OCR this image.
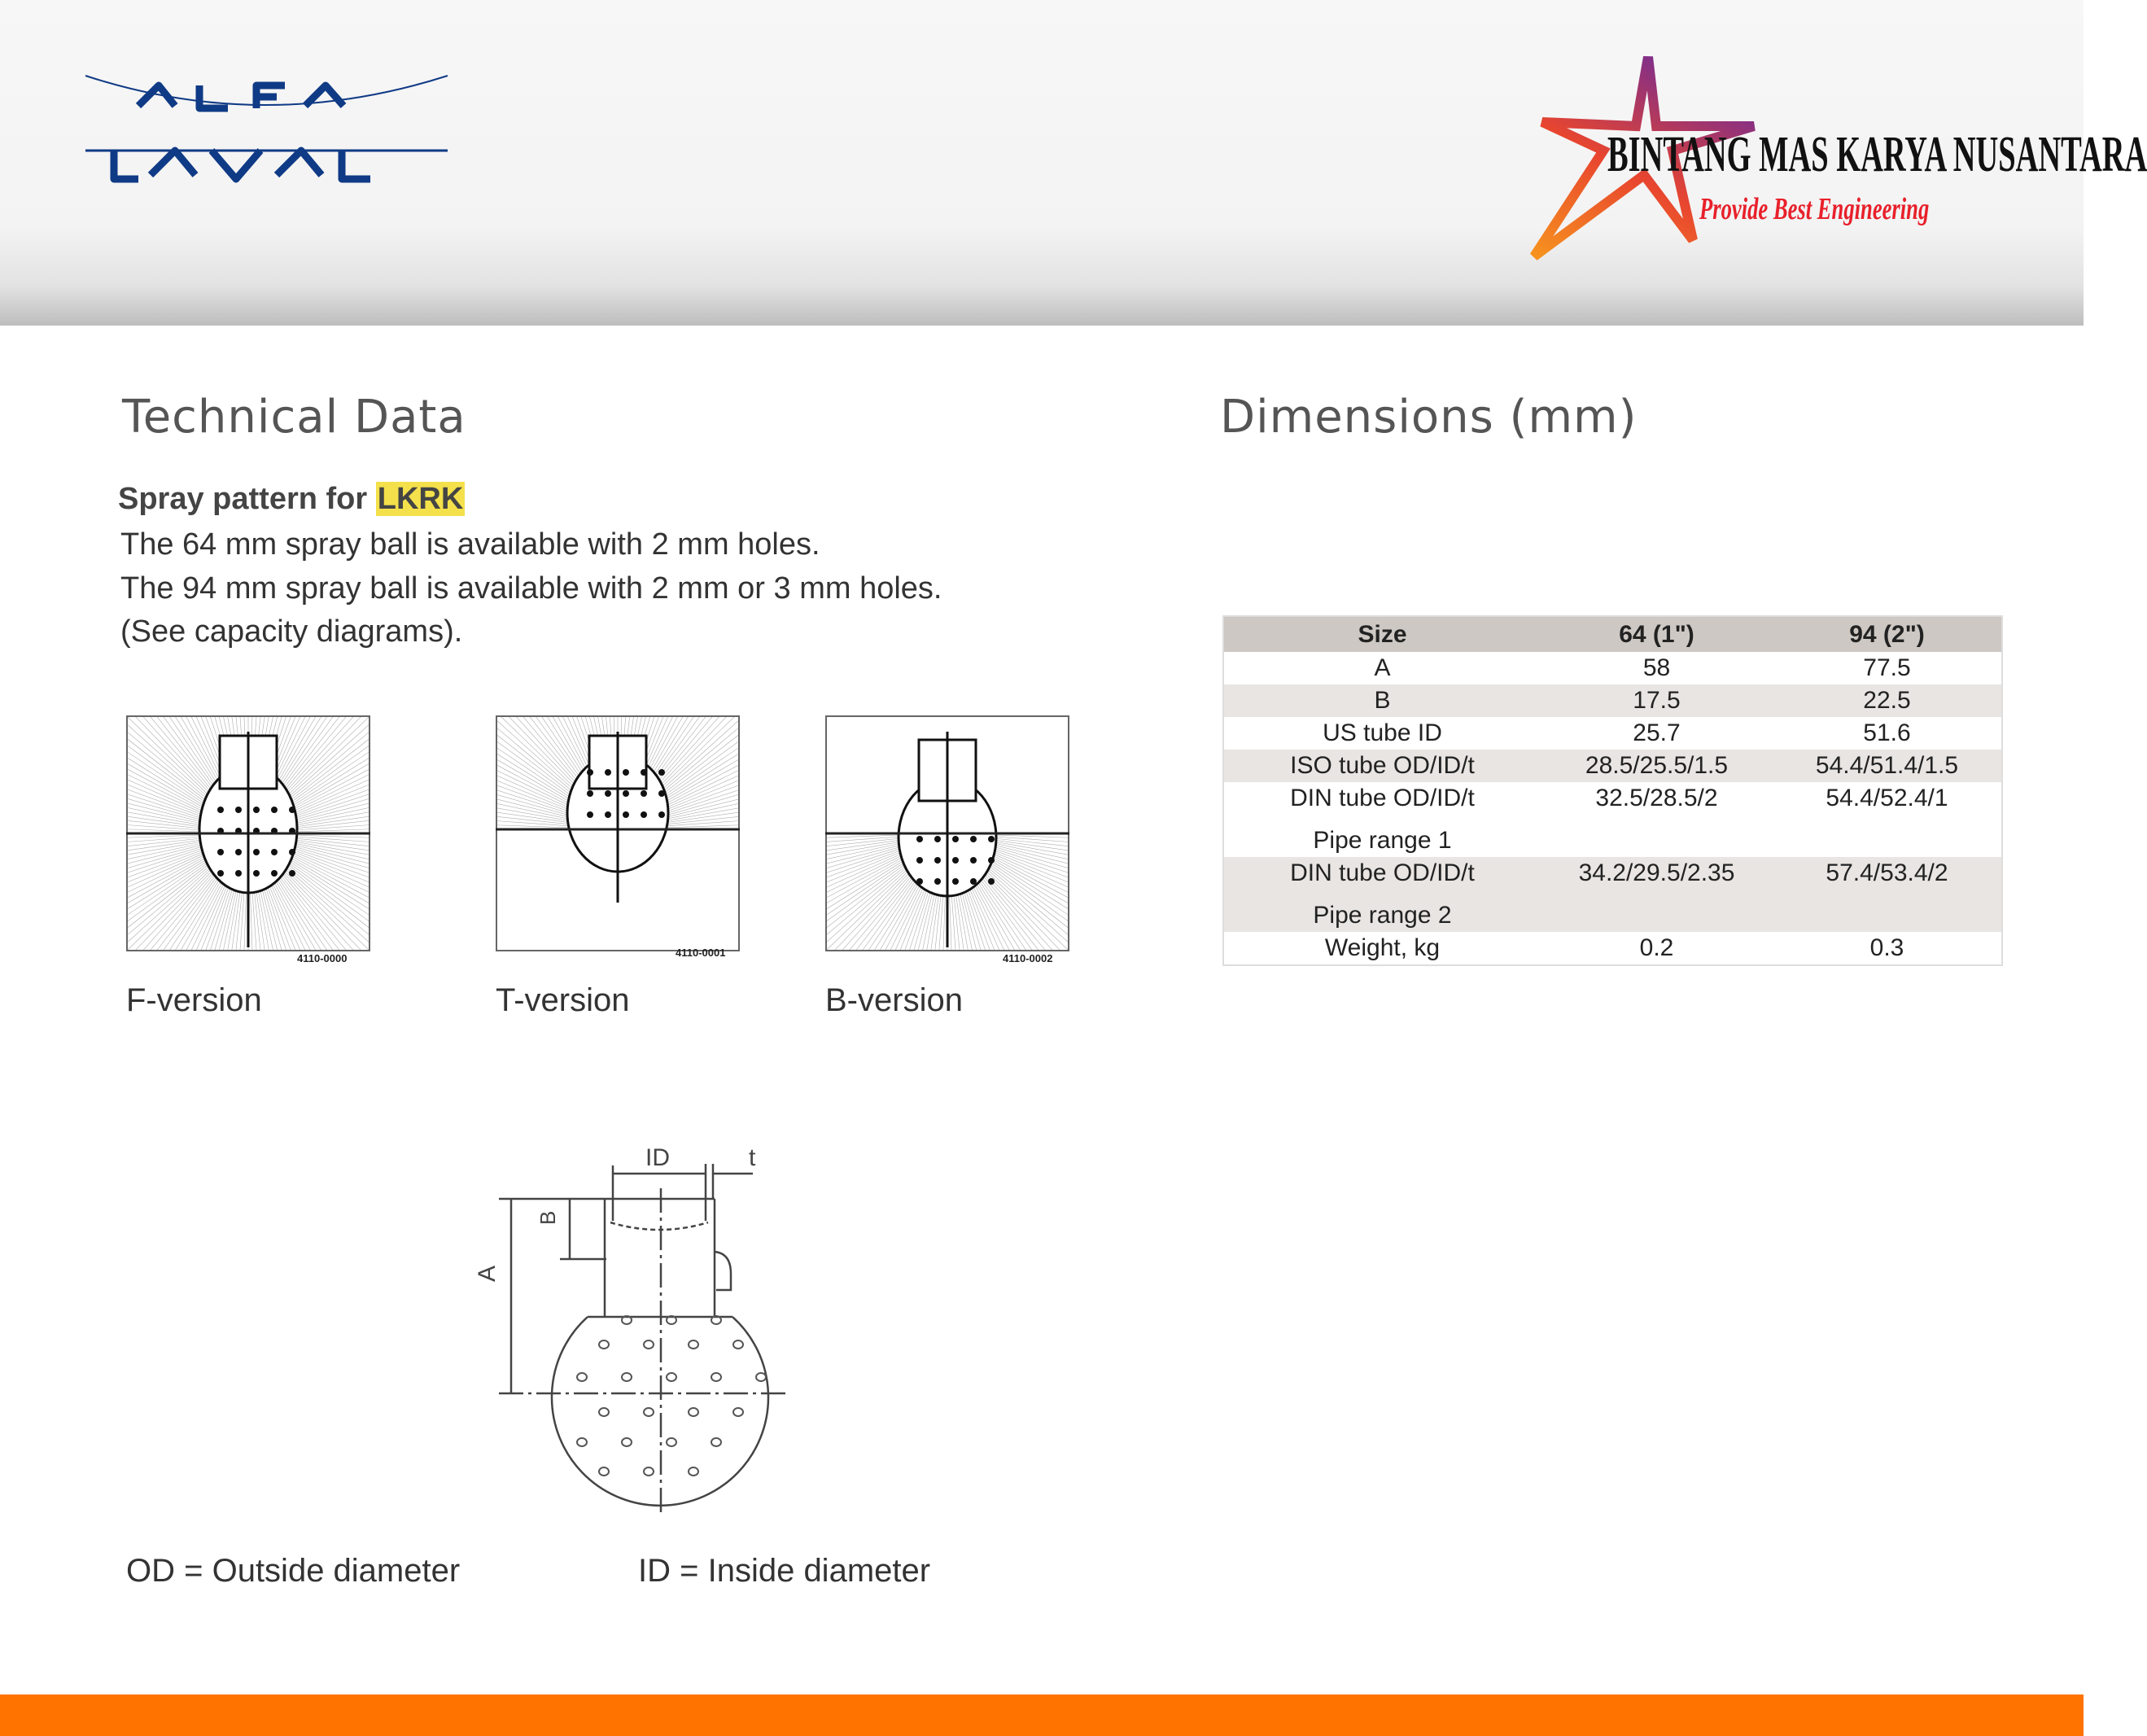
BINTANG MAS KARYA NUSANTARA
Provide Best Engineering
Technical Data	Dimensions (mm)
Spray pattern for LKRK
The 64 mm spray ball is available with 2 mm holes.
The 94 mm spray ball is available with 2 mm or 3 mm holes.
(See capacity diagrams).
4110-0000	4110-0001	4110-0002
F-version	T-version	B-version
ID	t
A
B
OD = Outside diameter	ID = Inside diameter
Size	64 (1")	94 (2")
A	58	77.5
B	17.5	22.5
US tube ID	25.7	51.6
ISO tube OD/ID/t	28.5/25.5/1.5	54.4/51.4/1.5
DIN tube OD/ID/t	32.5/28.5/2	54.4/52.4/1
Pipe range 1		
DIN tube OD/ID/t	34.2/29.5/2.35	57.4/53.4/2
Pipe range 2		
Weight, kg	0.2	0.3
